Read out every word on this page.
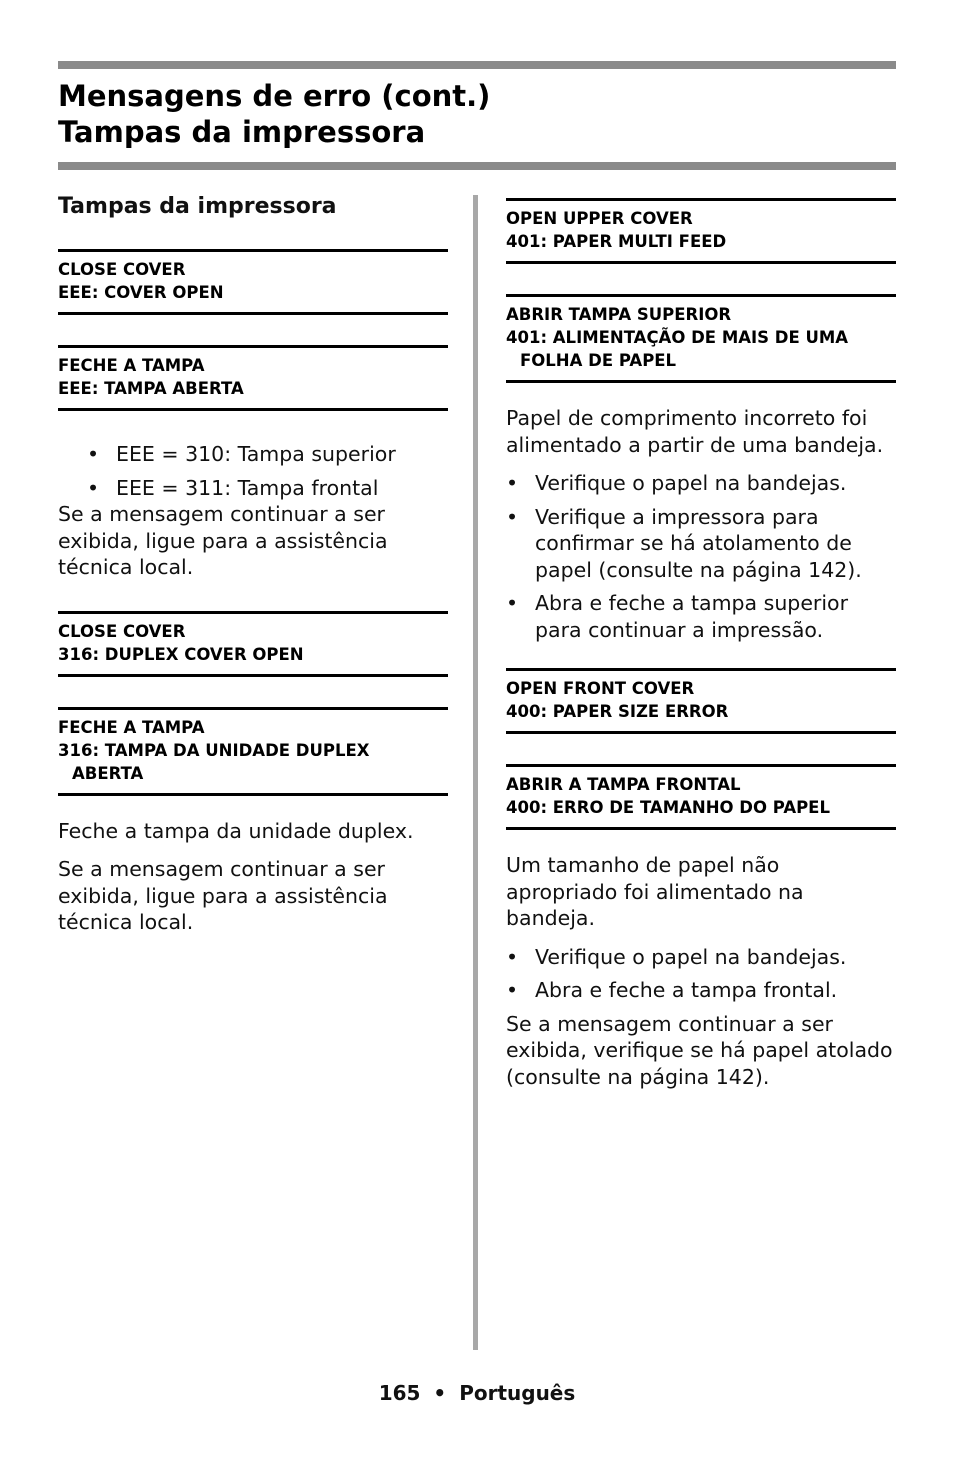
Mensagens de erro (cont.)
Tampas da impressora
Tampas da impressora
CLOSE COVER
EEE: COVER OPEN
FECHE A TAMPA
EEE: TAMPA ABERTA
• EEE = 310: Tampa superior
• EEE = 311: Tampa frontal

Se a mensagem continuar a ser exibida, ligue para a assistência técnica local.

CLOSE COVER
316: DUPLEX COVER OPEN
FECHE A TAMPA
316: TAMPA DA UNIDADE DUPLEX
ABERTA

Feche a tampa da unidade duplex.

Se a mensagem continuar a ser exibida, ligue para a assistência técnica local.

OPEN UPPER COVER
401: PAPER MULTI FEED
ABRIR TAMPA SUPERIOR
401: ALIMENTAÇÃO DE MAIS DE UMA
FOLHA DE PAPEL

Papel de comprimento incorreto foi alimentado a partir de uma bandeja.

• Verifique o papel na bandejas.
• Verifique a impressora para confirmar se há atolamento de papel (consulte na página 142).
• Abra e feche a tampa superior para continuar a impressão.
OPEN FRONT COVER
400: PAPER SIZE ERROR
ABRIR A TAMPA FRONTAL
400: ERRO DE TAMANHO DO PAPEL

Um tamanho de papel não apropriado foi alimentado na bandeja.

• Verifique o papel na bandejas.
• Abra e feche a tampa frontal.

Se a mensagem continuar a ser exibida, verifique se há papel atolado (consulte na página 142).

165 • Português
